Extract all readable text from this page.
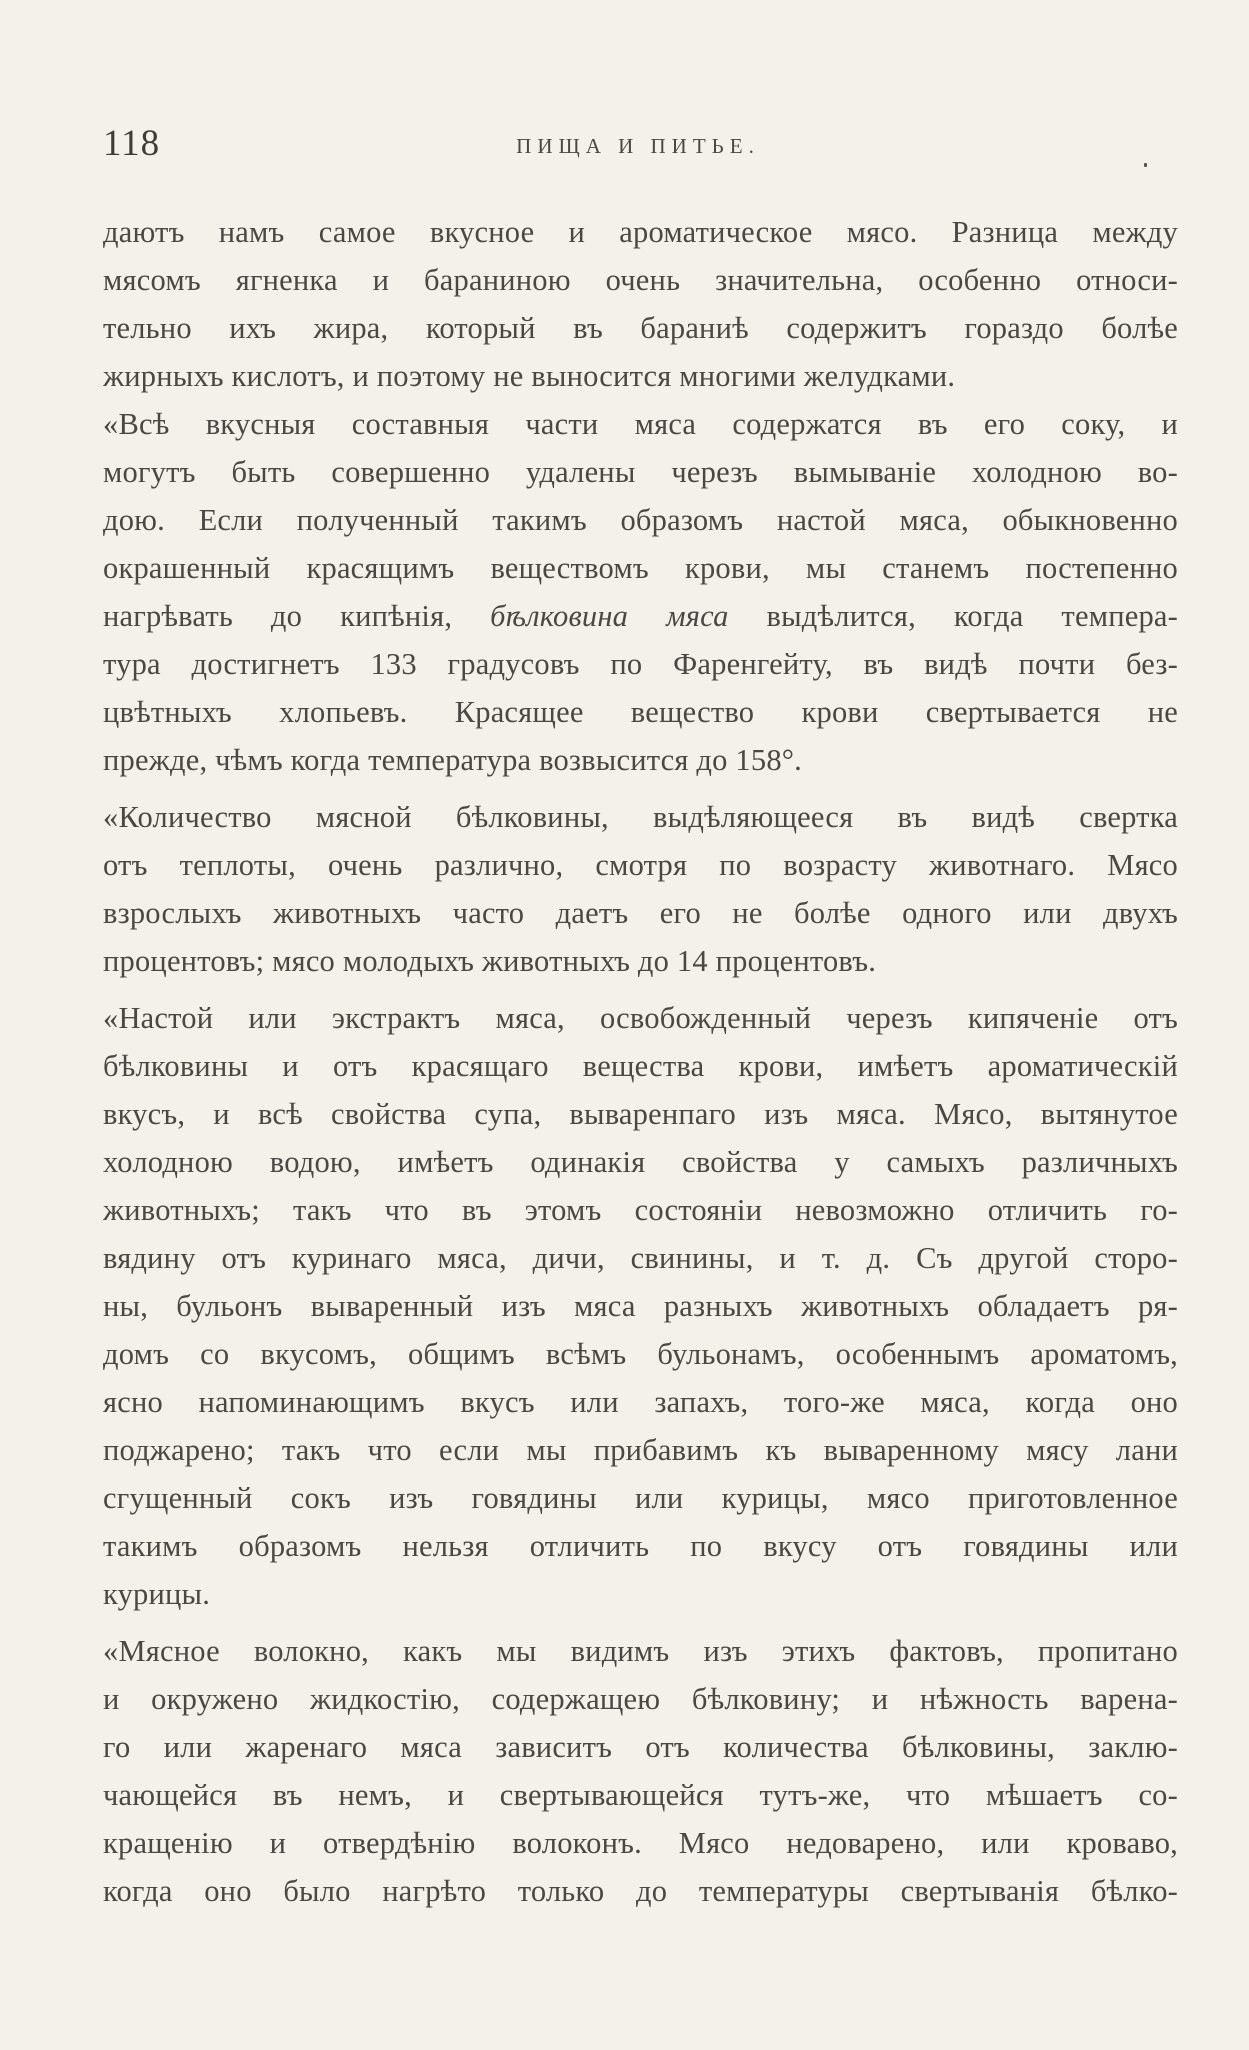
118	ПИЩА И ПИТЬЕ.
даютъ намъ самое вкусное и ароматическое мясо. Разница между
мясомъ ягненка и бараниною очень значительна, особенно относи-
тельно ихъ жира, который въ бараниѣ содержитъ гораздо болѣе
жирныхъ кислотъ, и поэтому не выносится многими желудками.
«Всѣ вкусныя составныя части мяса содержатся въ его соку, и
могутъ быть совершенно удалены черезъ вымываніе холодною во-
дою. Если полученный такимъ образомъ настой мяса, обыкновенно
окрашенный красящимъ веществомъ крови, мы станемъ постепенно
нагрѣвать до кипѣнія, бѣлковина мяса выдѣлится, когда темпера-
тура достигнетъ 133 градусовъ по Фаренгейту, въ видѣ почти без-
цвѣтныхъ хлопьевъ. Красящее вещество крови свертывается не
прежде, чѣмъ когда температура возвысится до 158°.
«Количество мясной бѣлковины, выдѣляющееся въ видѣ свертка
отъ теплоты, очень различно, смотря по возрасту животнаго. Мясо
взрослыхъ животныхъ часто даетъ его не болѣе одного или двухъ
процентовъ; мясо молодыхъ животныхъ до 14 процентовъ.
«Настой или экстрактъ мяса, освобожденный черезъ кипяченіе отъ
бѣлковины и отъ красящаго вещества крови, имѣетъ ароматическій
вкусъ, и всѣ свойства супа, вываренпаго изъ мяса. Мясо, вытянутое
холодною водою, имѣетъ одинакія свойства у самыхъ различныхъ
животныхъ; такъ что въ этомъ состояніи невозможно отличить го-
вядину отъ куринаго мяса, дичи, свинины, и т. д. Съ другой сторо-
ны, бульонъ вываренный изъ мяса разныхъ животныхъ обладаетъ ря-
домъ со вкусомъ, общимъ всѣмъ бульонамъ, особеннымъ ароматомъ,
ясно напоминающимъ вкусъ или запахъ, того-же мяса, когда оно
поджарено; такъ что если мы прибавимъ къ вываренному мясу лани
сгущенный сокъ изъ говядины или курицы, мясо приготовленное
такимъ образомъ нельзя отличить по вкусу отъ говядины или
курицы.
«Мясное волокно, какъ мы видимъ изъ этихъ фактовъ, пропитано
и окружено жидкостію, содержащею бѣлковину; и нѣжность варена-
го или жаренаго мяса зависитъ отъ количества бѣлковины, заклю-
чающейся въ немъ, и свертывающейся тутъ-же, что мѣшаетъ со-
кращенію и отвердѣнію волоконъ. Мясо недоварено, или кроваво,
когда оно было нагрѣто только до температуры свертыванія бѣлко-
